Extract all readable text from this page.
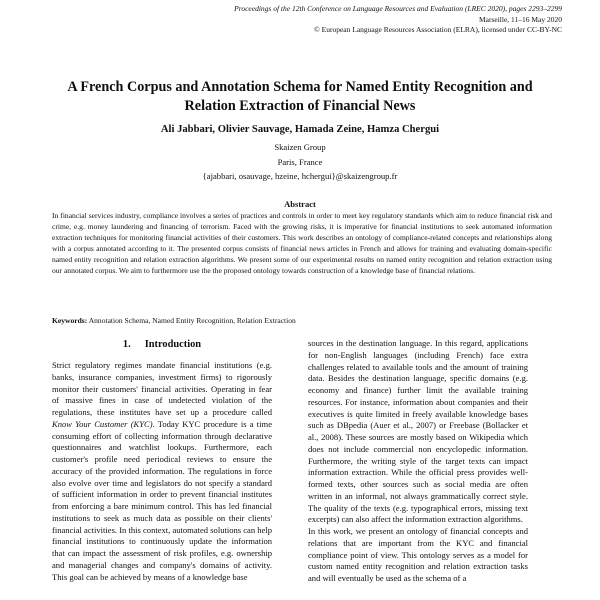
Proceedings of the 12th Conference on Language Resources and Evaluation (LREC 2020), pages 2293–2299
Marseille, 11–16 May 2020
© European Language Resources Association (ELRA), licensed under CC-BY-NC
A French Corpus and Annotation Schema for Named Entity Recognition and
Relation Extraction of Financial News
Ali Jabbari, Olivier Sauvage, Hamada Zeine, Hamza Chergui
Skaizen Group
Paris, France
{ajabbari, osauvage, hzeine, hchergui}@skaizengroup.fr
Abstract

In financial services industry, compliance involves a series of practices and controls in order to meet key regulatory standards which aim to reduce financial risk and crime, e.g. money laundering and financing of terrorism. Faced with the growing risks, it is imperative for financial institutions to seek automated information extraction techniques for monitoring financial activities of their customers. This work describes an ontology of compliance-related concepts and relationships along with a corpus annotated according to it. The presented corpus consists of financial news articles in French and allows for training and evaluating domain-specific named entity recognition and relation extraction algorithms. We present some of our experimental results on named entity recognition and relation extraction using our annotated corpus. We aim to furthermore use the the proposed ontology towards construction of a knowledge base of financial relations.

Keywords: Annotation Schema, Named Entity Recognition, Relation Extraction

1. Introduction

Strict regulatory regimes mandate financial institutions (e.g. banks, insurance companies, investment firms) to rigorously monitor their customers' financial activities. Operating in fear of massive fines in case of undetected violation of the regulations, these institutes have set up a procedure called Know Your Customer (KYC). Today KYC procedure is a time consuming effort of collecting information through declarative questionnaires and watchlist lookups. Furthermore, each customer's profile need periodical reviews to ensure the accuracy of the provided information. The regulations in force also evolve over time and legislators do not specify a standard of sufficient information in order to prevent financial institutes from enforcing a bare minimum control. This has led financial institutions to seek as much data as possible on their clients' financial activities. In this context, automated solutions can help financial institutions to continuously update the information that can impact the assessment of risk profiles, e.g. ownership and managerial changes and company's domains of activity. This goal can be achieved by means of a knowledge base

sources in the destination language. In this regard, applications for non-English languages (including French) face extra challenges related to available tools and the amount of training data. Besides the destination language, specific domains (e.g. economy and finance) further limit the available training resources. For instance, information about companies and their executives is quite limited in freely available knowledge bases such as DBpedia (Auer et al., 2007) or Freebase (Bollacker et al., 2008). These sources are mostly based on Wikipedia which does not include commercial non encyclopedic information. Furthermore, the writing style of the target texts can impact information extraction. While the official press provides well-formed texts, other sources such as social media are often written in an informal, not always grammatically correct style. The quality of the texts (e.g. typographical errors, missing text excerpts) can also affect the information extraction algorithms.

In this work, we present an ontology of financial concepts and relations that are important from the KYC and financial compliance point of view. This ontology serves as a model for custom named entity recognition and relation extraction tasks and will eventually be used as the schema of a
